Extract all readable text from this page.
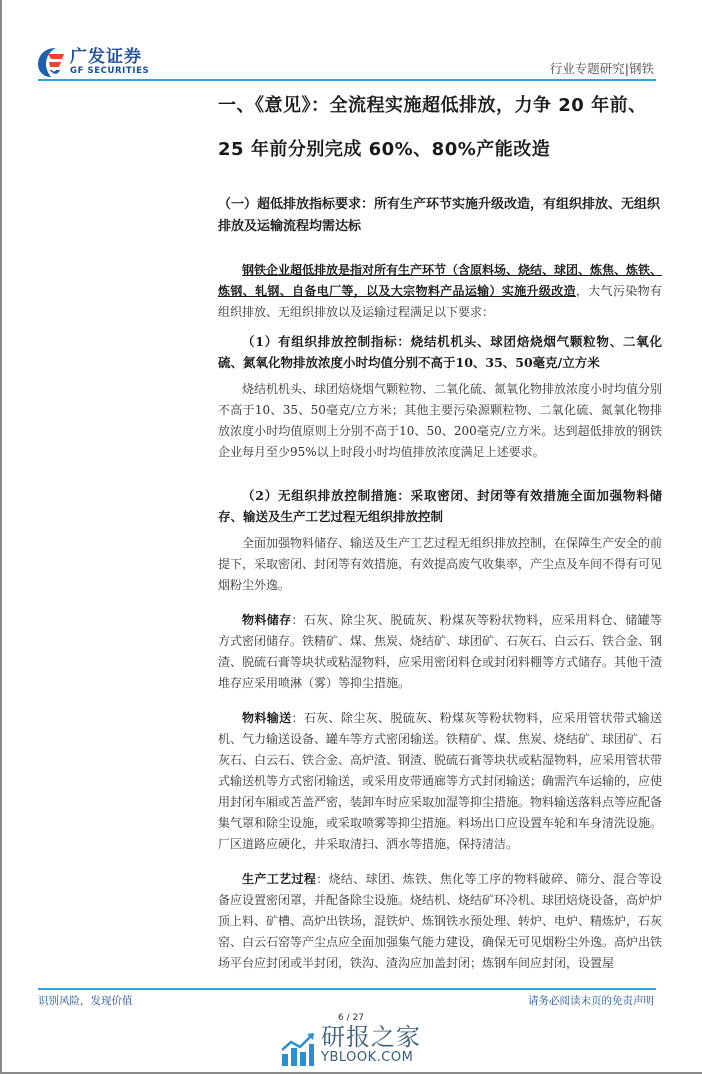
广发证券
GF SECURITIES	行业专题研究|钢铁
一、《意见》：全流程实施超低排放，力争 20 年前、
25 年前分别完成 60%、80%产能改造
（一）超低排放指标要求：所有生产环节实施升级改造，有组织排放、无组织排放及运输流程均需达标
钢铁企业超低排放是指对所有生产环节（含原料场、烧结、球团、炼焦、炼铁、炼钢、轧钢、自备电厂等，以及大宗物料产品运输）实施升级改造，大气污染物有组织排放、无组织排放以及运输过程满足以下要求：
（1）有组织排放控制指标：烧结机机头、球团焙烧烟气颗粒物、二氧化硫、氮氧化物排放浓度小时均值分别不高于10、35、50毫克/立方米
烧结机机头、球团焙烧烟气颗粒物、二氧化硫、氮氧化物排放浓度小时均值分别不高于10、35、50毫克/立方米；其他主要污染源颗粒物、二氧化硫、氮氧化物排放浓度小时均值原则上分别不高于10、50、200毫克/立方米。达到超低排放的钢铁企业每月至少95%以上时段小时均值排放浓度满足上述要求。
（2）无组织排放控制措施：采取密闭、封闭等有效措施全面加强物料储存、输送及生产工艺过程无组织排放控制
全面加强物料储存、输送及生产工艺过程无组织排放控制，在保障生产安全的前提下，采取密闭、封闭等有效措施，有效提高废气收集率，产尘点及车间不得有可见烟粉尘外逸。
物料储存：石灰、除尘灰、脱硫灰、粉煤灰等粉状物料，应采用料仓、储罐等方式密闭储存。铁精矿、煤、焦炭、烧结矿、球团矿、石灰石、白云石、铁合金、钢渣、脱硫石膏等块状或粘湿物料，应采用密闭料仓或封闭料棚等方式储存。其他干渣堆存应采用喷淋（雾）等抑尘措施。
物料输送：石灰、除尘灰、脱硫灰、粉煤灰等粉状物料，应采用管状带式输送机、气力输送设备、罐车等方式密闭输送。铁精矿、煤、焦炭、烧结矿、球团矿、石灰石、白云石、铁合金、高炉渣、钢渣、脱硫石膏等块状或粘湿物料，应采用管状带式输送机等方式密闭输送，或采用皮带通廊等方式封闭输送；确需汽车运输的，应使用封闭车厢或苫盖严密，装卸车时应采取加湿等抑尘措施。物料输送落料点等应配备集气罩和除尘设施，或采取喷雾等抑尘措施。料场出口应设置车轮和车身清洗设施。厂区道路应硬化，并采取清扫、洒水等措施，保持清洁。
生产工艺过程：烧结、球团、炼铁、焦化等工序的物料破碎、筛分、混合等设备应设置密闭罩，并配备除尘设施。烧结机、烧结矿环冷机、球团焙烧设备，高炉炉顶上料、矿槽、高炉出铁场，混铁炉、炼钢铁水预处理、转炉、电炉、精炼炉，石灰窑、白云石窑等产尘点应全面加强集气能力建设，确保无可见烟粉尘外逸。高炉出铁场平台应封闭或半封闭，铁沟、渣沟应加盖封闭；炼钢车间应封闭，设置屋
识别风险，发现价值	请务必阅读末页的免责声明
6 / 27
研报之家
YBLOOK.COM
